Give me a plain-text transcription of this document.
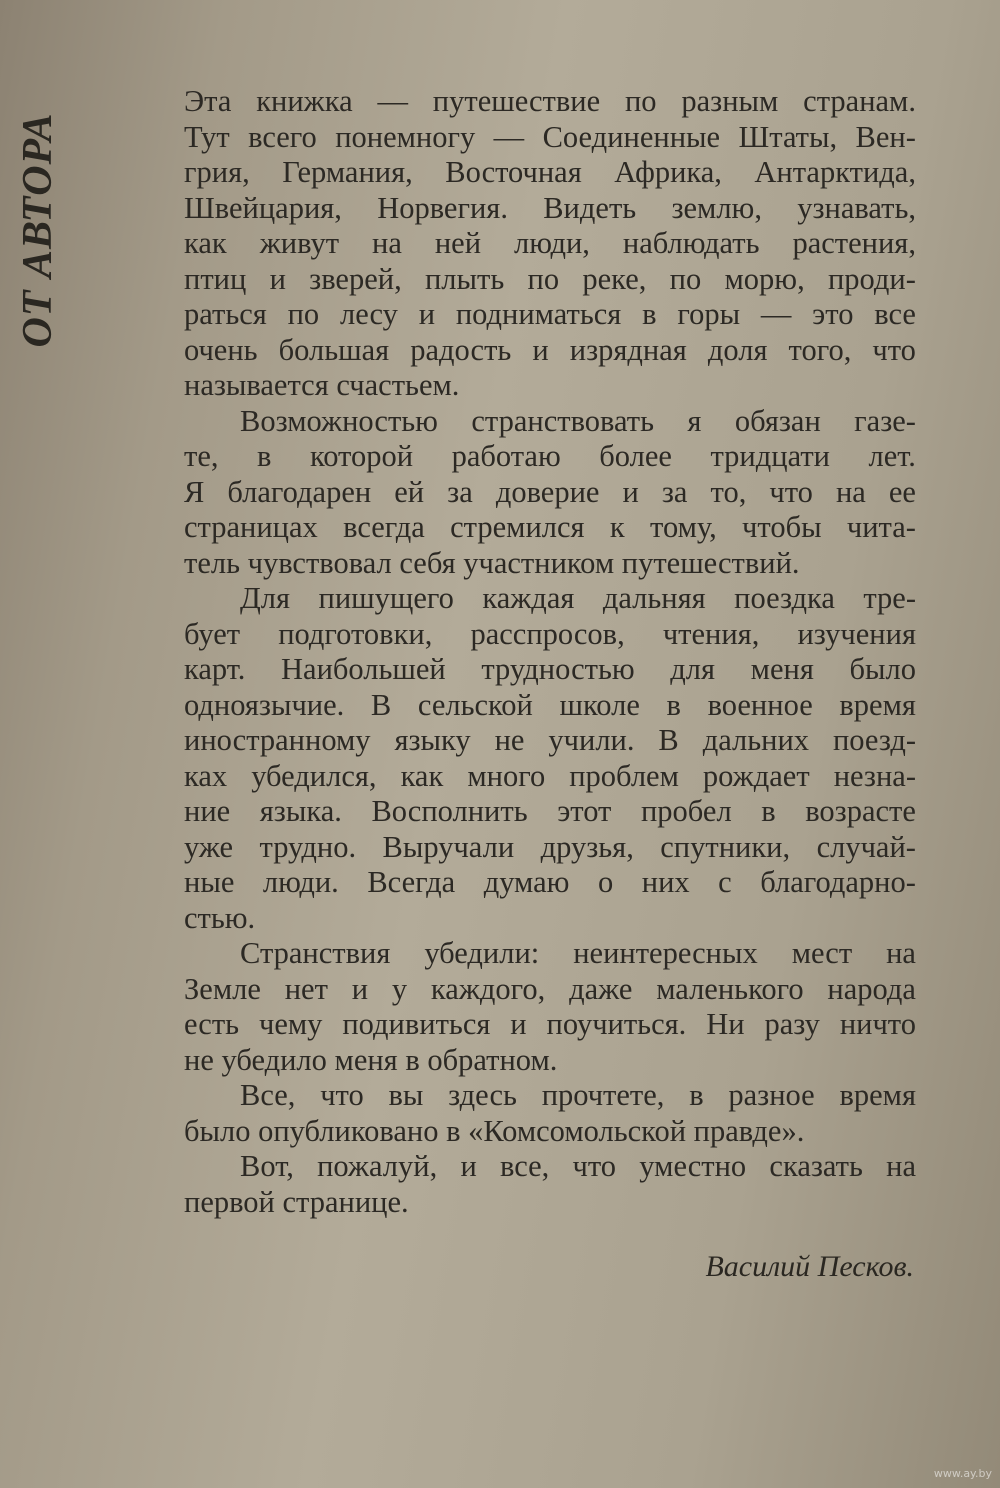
ОТ АВТОРА
Эта книжка — путешествие по разным странам.
Тут всего понемногу — Соединенные Штаты, Вен-
грия, Германия, Восточная Африка, Антарктида,
Швейцария, Норвегия. Видеть землю, узнавать,
как живут на ней люди, наблюдать растения,
птиц и зверей, плыть по реке, по морю, проди-
раться по лесу и подниматься в горы — это все
очень большая радость и изрядная доля того, что
называется счастьем.
Возможностью странствовать я обязан газе-
те, в которой работаю более тридцати лет.
Я благодарен ей за доверие и за то, что на ее
страницах всегда стремился к тому, чтобы чита-
тель чувствовал себя участником путешествий.
Для пишущего каждая дальняя поездка тре-
бует подготовки, расспросов, чтения, изучения
карт. Наибольшей трудностью для меня было
одноязычие. В сельской школе в военное время
иностранному языку не учили. В дальних поезд-
ках убедился, как много проблем рождает незна-
ние языка. Восполнить этот пробел в возрасте
уже трудно. Выручали друзья, спутники, случай-
ные люди. Всегда думаю о них с благодарно-
стью.
Странствия убедили: неинтересных мест на
Земле нет и у каждого, даже маленького народа
есть чему подивиться и поучиться. Ни разу ничто
не убедило меня в обратном.
Все, что вы здесь прочтете, в разное время
было опубликовано в «Комсомольской правде».
Вот, пожалуй, и все, что уместно сказать на
первой странице.
Василий Песков.
www.ay.by
